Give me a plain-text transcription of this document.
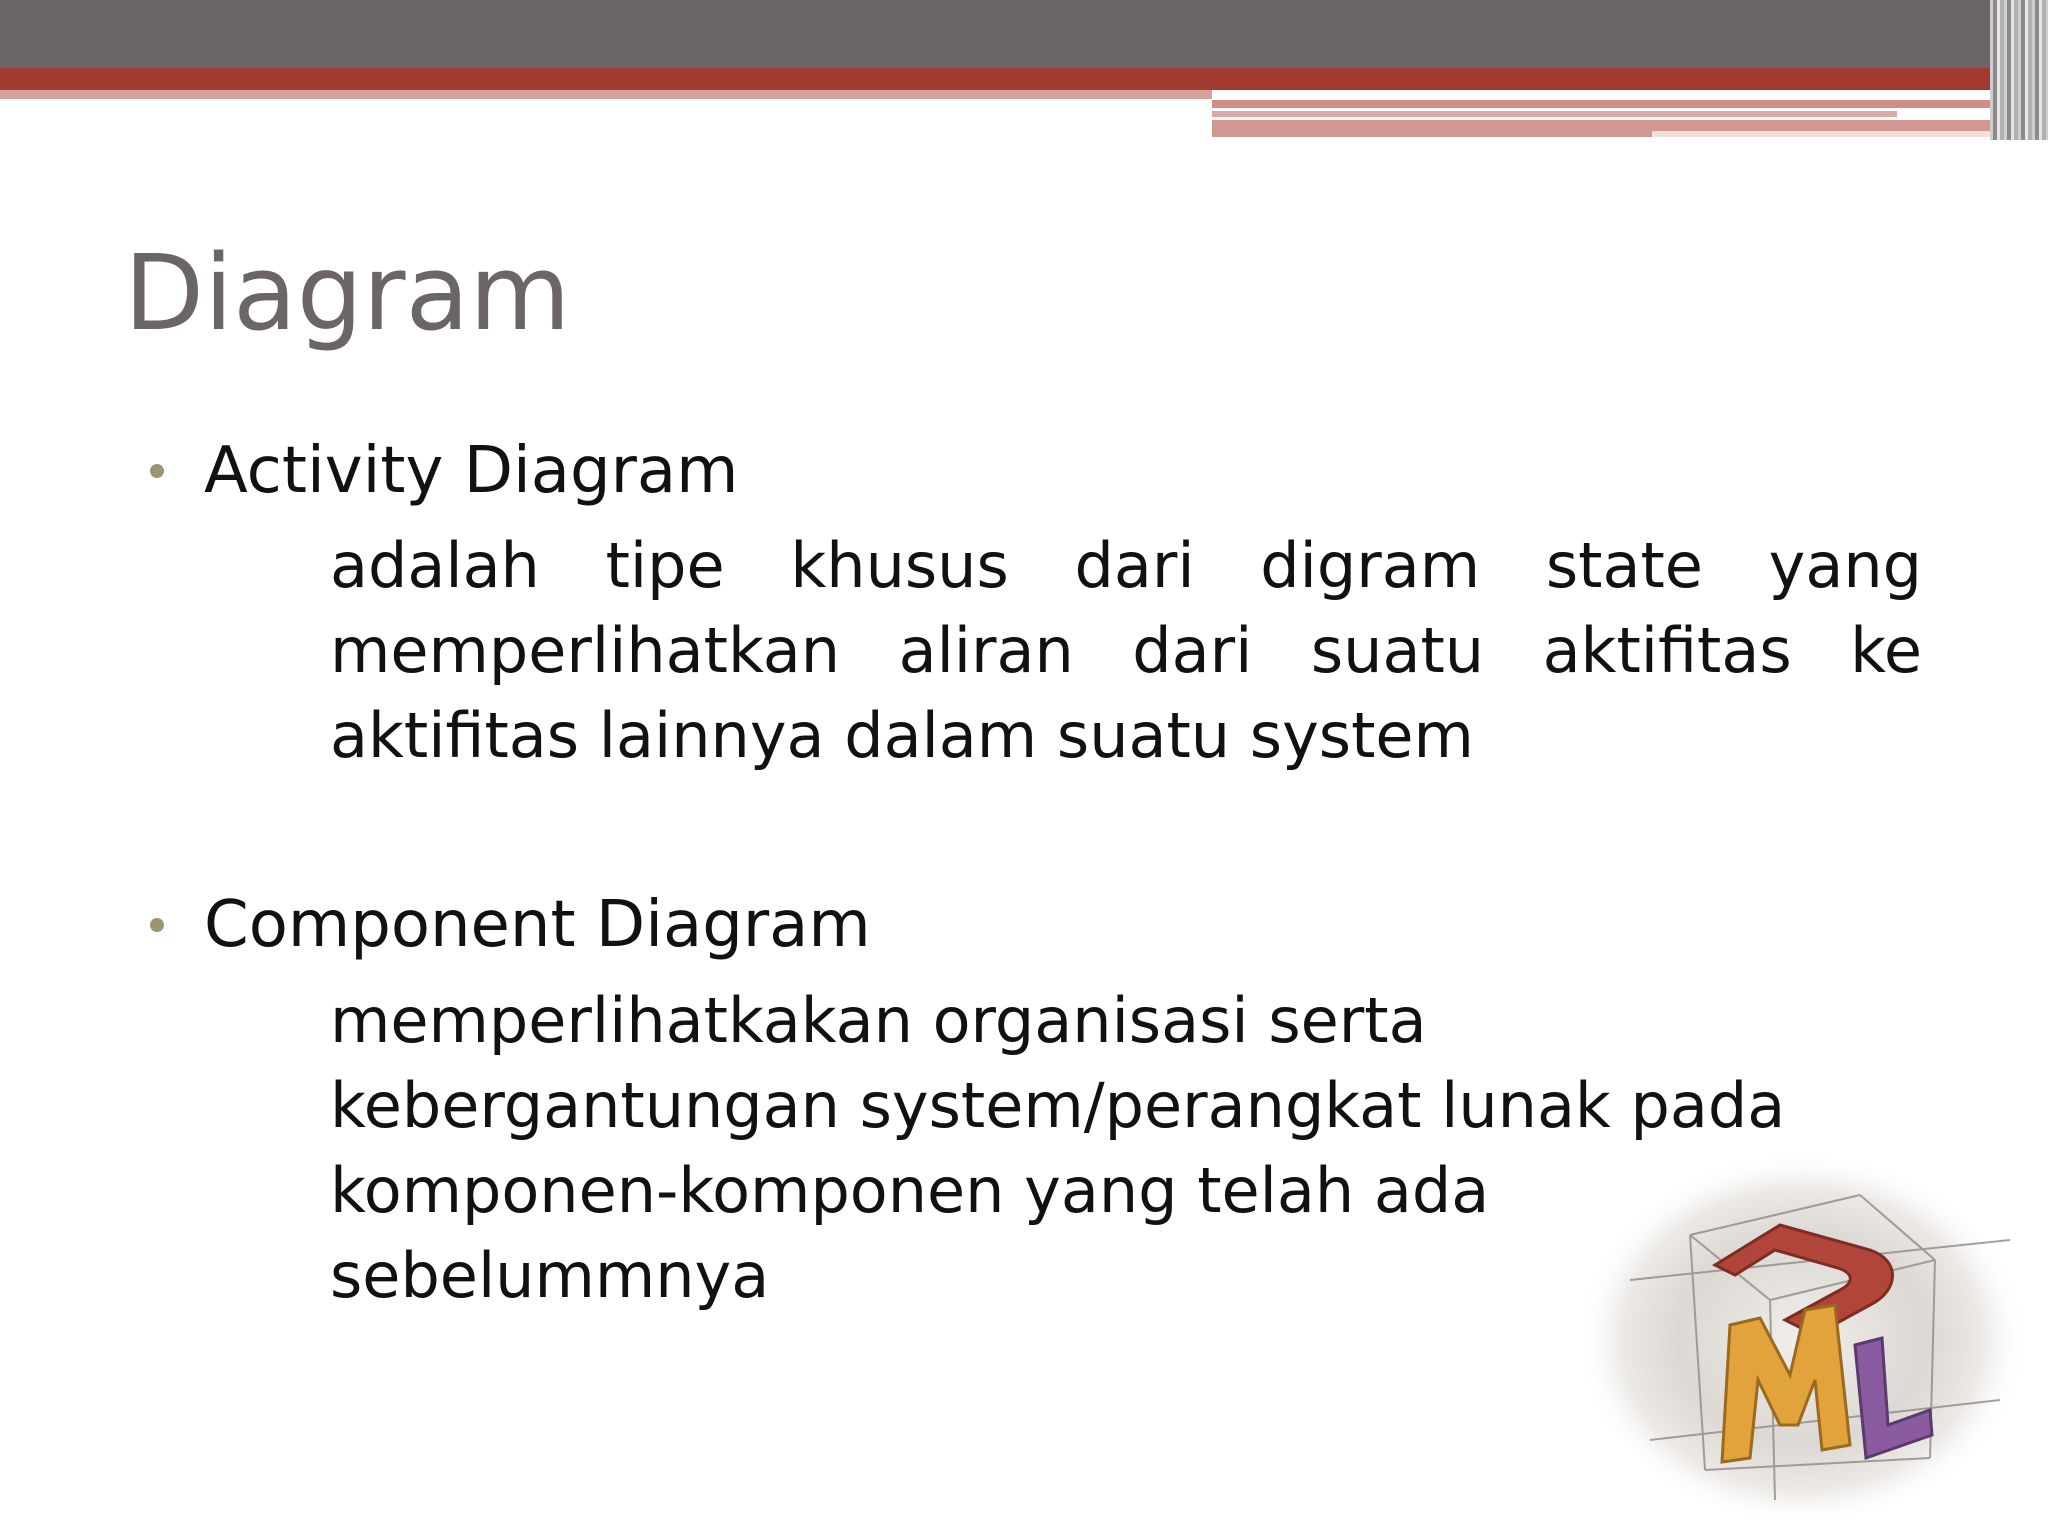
Diagram
Activity Diagram
adalah tipe khusus dari digram state yang
memperlihatkan aliran dari suatu aktifitas ke
aktifitas lainnya dalam suatu system
Component Diagram
memperlihatkakan organisasi serta
kebergantungan system/perangkat lunak pada
komponen-komponen yang telah ada
sebelummnya
